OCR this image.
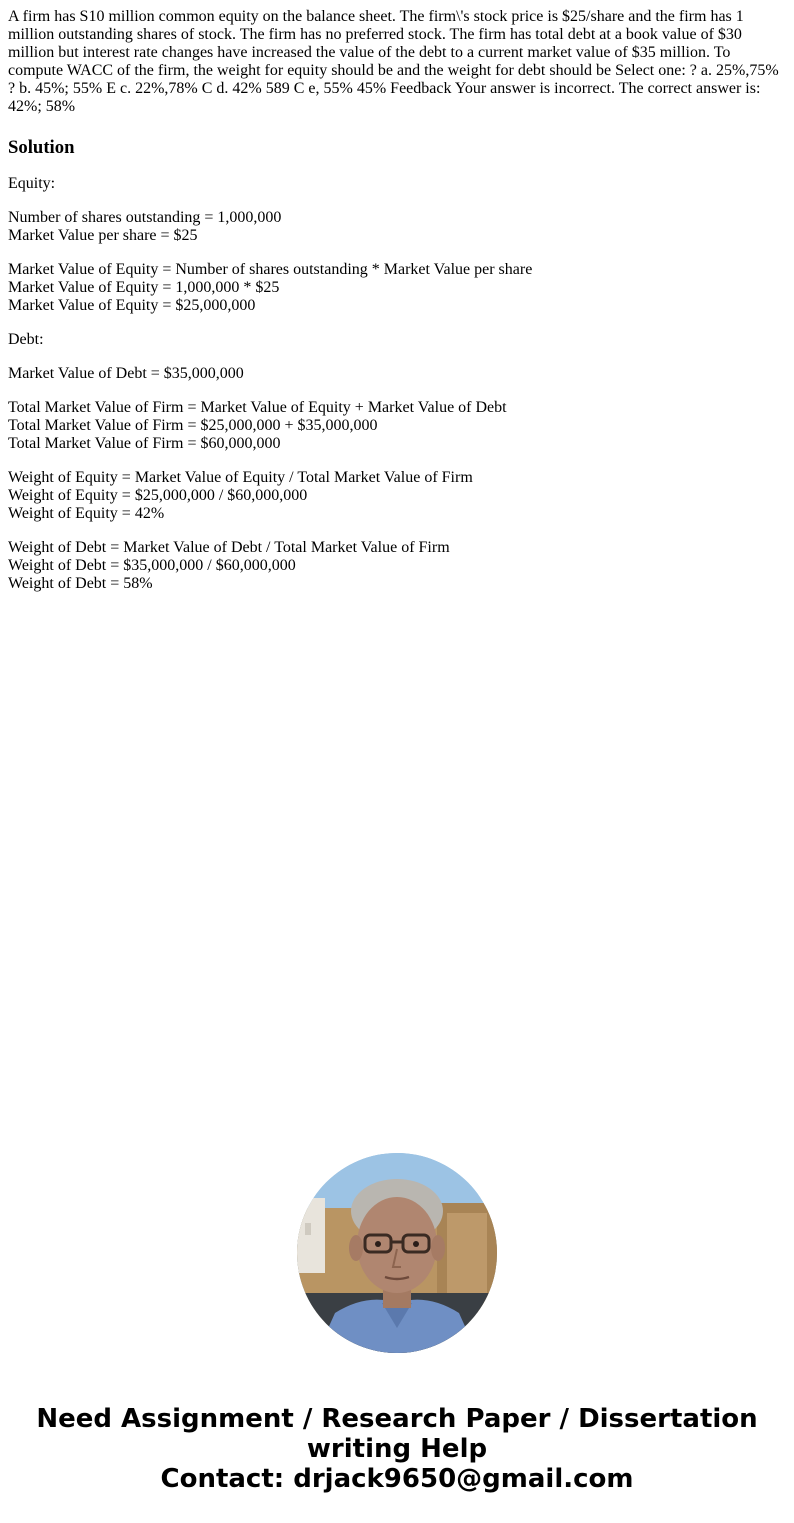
A firm has S10 million common equity on the balance sheet. The firm\'s stock price is $25/share and the firm has 1 million outstanding shares of stock. The firm has no preferred stock. The firm has total debt at a book value of $30 million but interest rate changes have increased the value of the debt to a current market value of $35 million. To compute WACC of the firm, the weight for equity should be and the weight for debt should be Select one: ? a. 25%,75% ? b. 45%; 55% E c. 22%,78% C d. 42% 589 C e, 55% 45% Feedback Your answer is incorrect. The correct answer is: 42%; 58%

Solution

Equity:

Number of shares outstanding = 1,000,000
Market Value per share = $25

Market Value of Equity = Number of shares outstanding * Market Value per share
Market Value of Equity = 1,000,000 * $25
Market Value of Equity = $25,000,000

Debt:

Market Value of Debt = $35,000,000

Total Market Value of Firm = Market Value of Equity + Market Value of Debt
Total Market Value of Firm = $25,000,000 + $35,000,000
Total Market Value of Firm = $60,000,000

Weight of Equity = Market Value of Equity / Total Market Value of Firm
Weight of Equity = $25,000,000 / $60,000,000
Weight of Equity = 42%

Weight of Debt = Market Value of Debt / Total Market Value of Firm
Weight of Debt = $35,000,000 / $60,000,000
Weight of Debt = 58%

Need Assignment / Research Paper / Dissertation
writing Help
Contact: drjack9650@gmail.com
